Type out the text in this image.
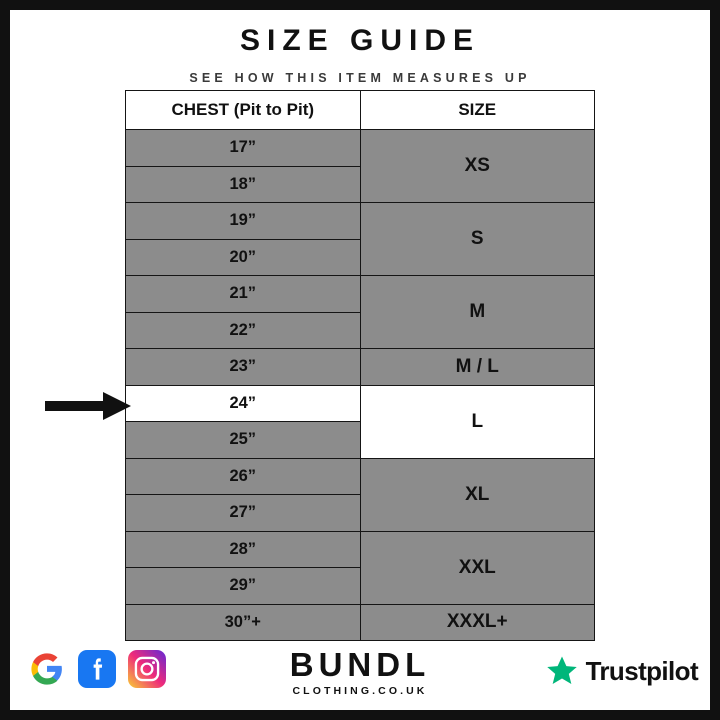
SIZE GUIDE
SEE HOW THIS ITEM MEASURES UP
CHEST (Pit to Pit)	SIZE
17”	XS
18”	
19”	S
20”	
21”	M
22”	
23”	M / L
24”	L
25”	
26”	XL
27”	
28”	XXL
29”	
30”+	XXXL+
BUNDL
CLOTHING.CO.UK
Trustpilot
